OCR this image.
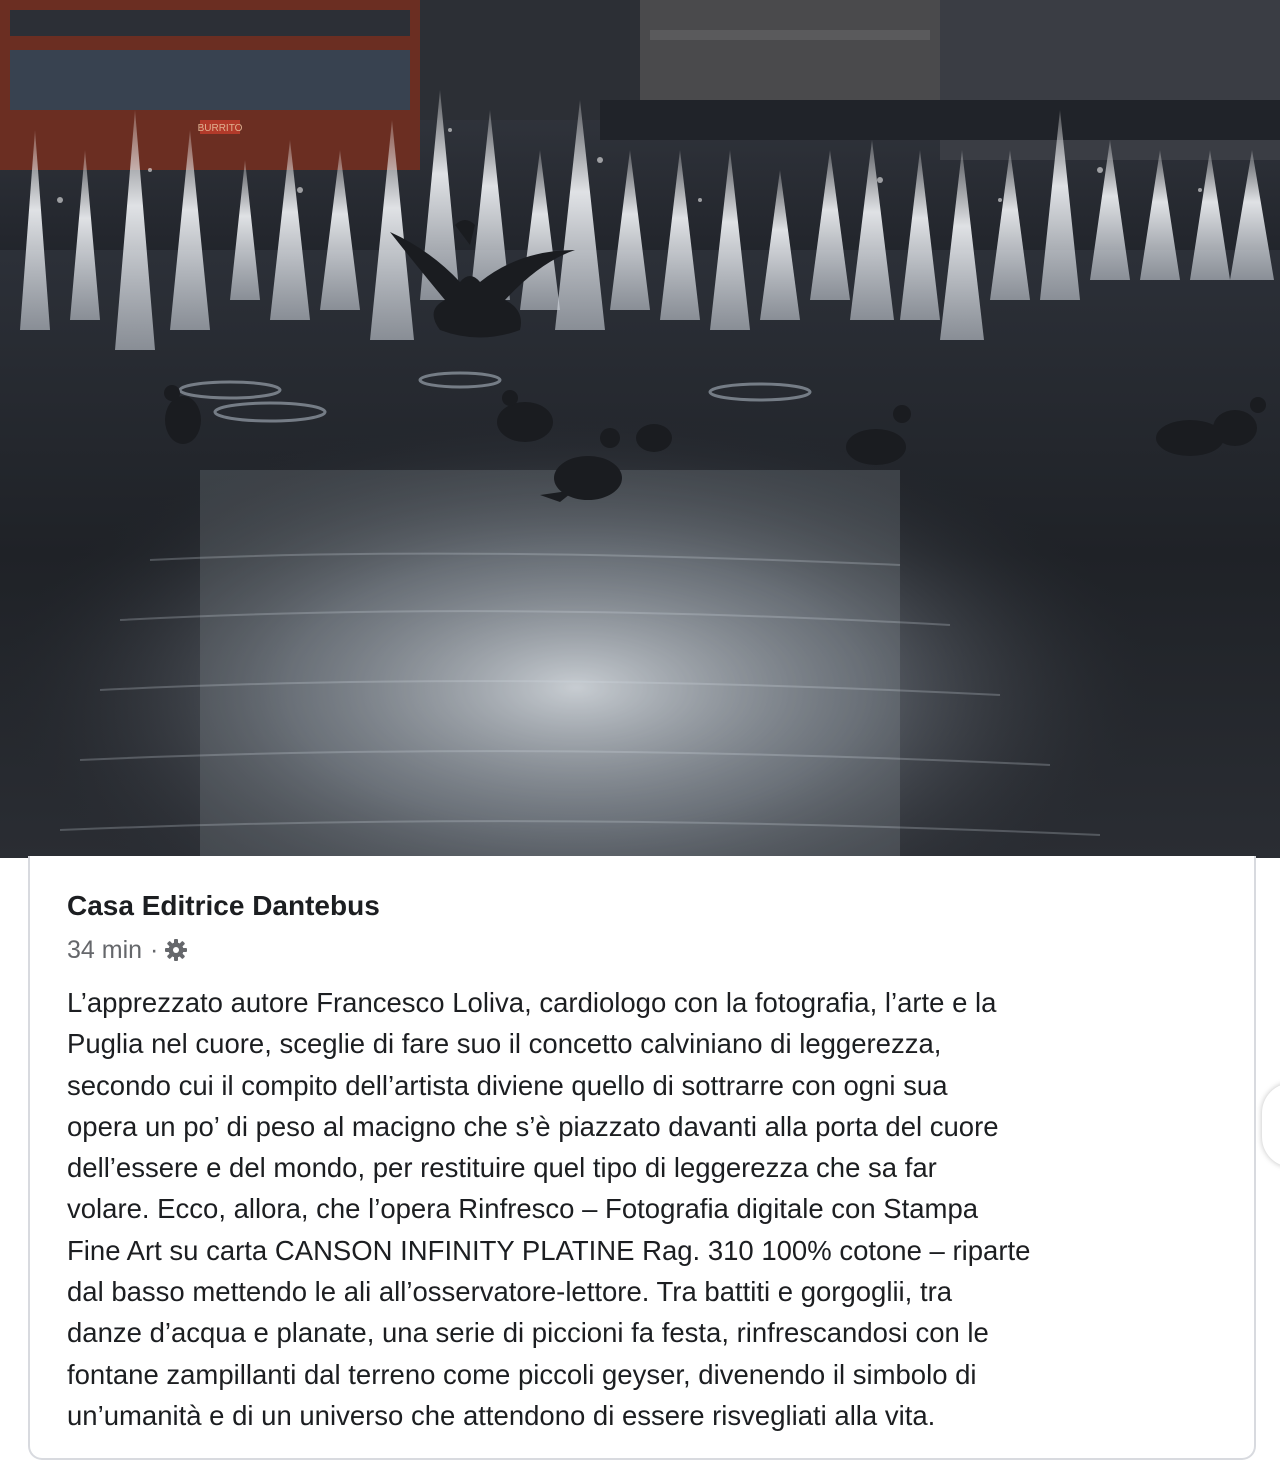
BURRITO
Casa Editrice Dantebus
34 min ·
L’apprezzato autore Francesco Loliva, cardiologo con la fotografia, l’arte e la
Puglia nel cuore, sceglie di fare suo il concetto calviniano di leggerezza,
secondo cui il compito dell’artista diviene quello di sottrarre con ogni sua
opera un po’ di peso al macigno che s’è piazzato davanti alla porta del cuore
dell’essere e del mondo, per restituire quel tipo di leggerezza che sa far
volare. Ecco, allora, che l’opera Rinfresco – Fotografia digitale con Stampa
Fine Art su carta CANSON INFINITY PLATINE Rag. 310 100% cotone – riparte
dal basso mettendo le ali all’osservatore-lettore. Tra battiti e gorgoglii, tra
danze d’acqua e planate, una serie di piccioni fa festa, rinfrescandosi con le
fontane zampillanti dal terreno come piccoli geyser, divenendo il simbolo di
un’umanità e di un universo che attendono di essere risvegliati alla vita.
